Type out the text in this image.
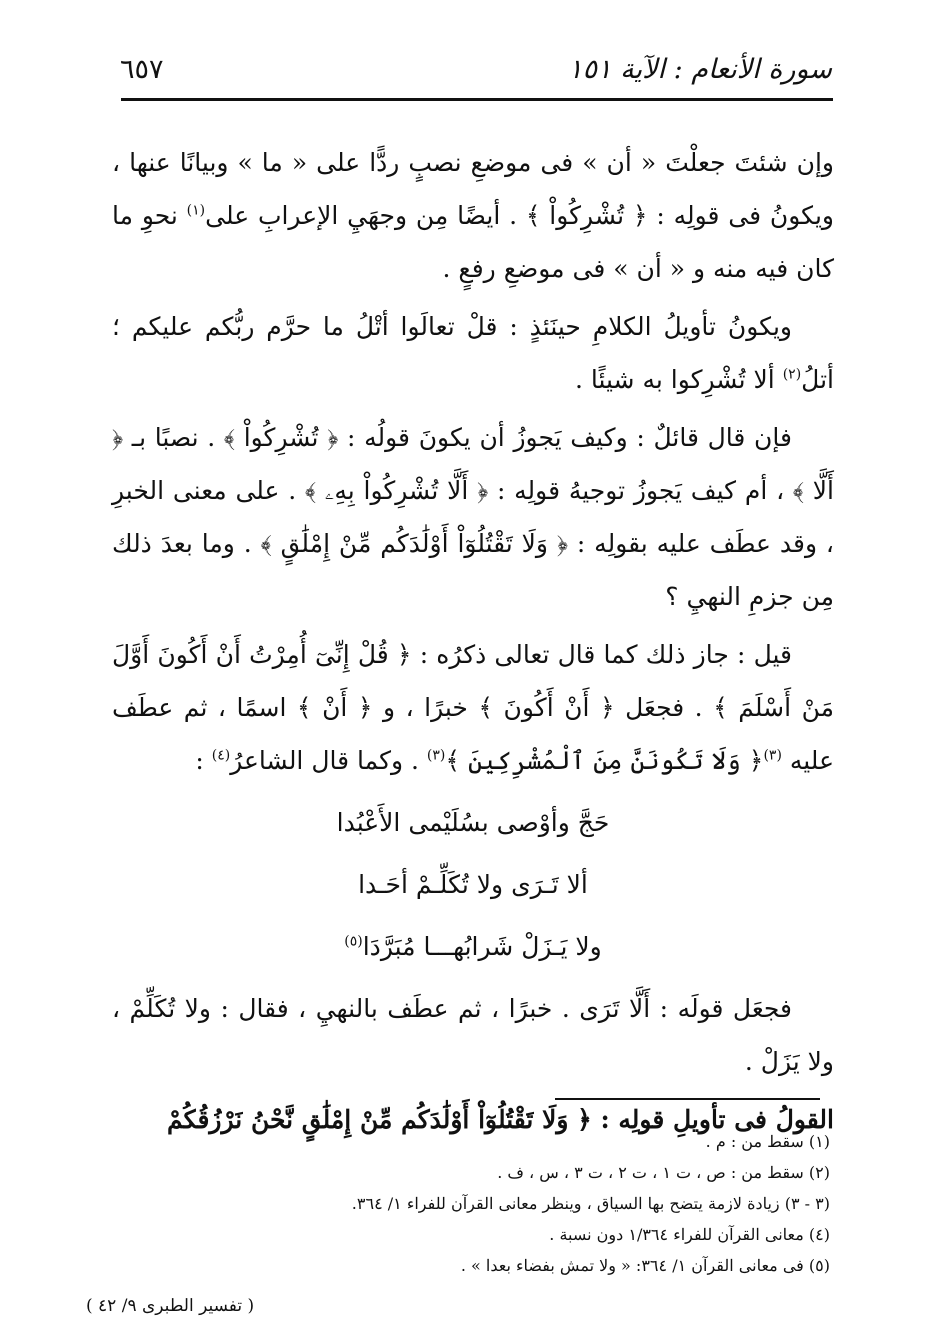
سورة الأنعام : الآية ١٥١
٦٥٧

وإن شئتَ جعلْتَ « أن » فى موضعِ نصبٍ ردًّا على « ما » وبيانًا عنها ، ويكونُ فى قولِه : ﴿ تُشْرِكُواْ ﴾ . أيضًا مِن وجهَيِ الإعرابِ على$^{(١)}$ نحوِ ما كان فيه منه و « أن » فى موضعِ رفعٍ .

ويكونُ تأويلُ الكلامِ حينَئذٍ : قلْ تعالَوا أتْلُ ما حرَّم ربُّكم عليكم ؛ أتلُ$^{(٢)}$ ألا تُشْرِكوا به شيئًا .

فإن قال قائلٌ : وكيف يَجوزُ أن يكونَ قولُه : ﴿ تُشْرِكُواْ ﴾ . نصبًا بـ ﴿ أَلَّا ﴾ ، أم كيف يَجوزُ توجيهُ قولِه : ﴿ أَلَّا تُشْرِكُواْ بِهِۦ ﴾ . على معنى الخبرِ ، وقد عطَف عليه بقولِه : ﴿ وَلَا تَقْتُلُوٓاْ أَوْلَٰدَكُم مِّنْ إِمْلَٰقٍ ﴾ . وما بعدَ ذلك مِن جزمِ النهيِ ؟

قيل : جاز ذلك كما قال تعالى ذكرُه : ﴿ قُلْ إِنِّىٓ أُمِرْتُ أَنْ أَكُونَ أَوَّلَ مَنْ أَسْلَمَ ﴾ . فجعَل ﴿ أَنْ أَكُونَ ﴾ خبرًا ، و ﴿ أَنْ ﴾ اسمًا ، ثم عطَف عليه $^{(٣)}$﴿ وَلَا تَكُونَنَّ مِنَ ٱلْمُشْرِكِينَ ﴾$^{(٣)}$ . وكما قال الشاعرُ$^{(٤)}$ :

حَجَّ وأوْصى بسُلَيْمى الأَعْبُدا
ألا تَـرَى ولا تُكَلِّـمْ أحَـدا
ولا يَـزَلْ شَرابُهـــا مُبَرَّدَا$^{(٥)}$

فجعَل قولَه : أَلَّا تَرَى . خبرًا ، ثم عطَف بالنهيِ ، فقال : ولا تُكَلِّمْ ، ولا يَزَلْ .

القولُ فى تأويلِ قولِه : ﴿ وَلَا تَقْتُلُوٓاْ أَوْلَٰدَكُم مِّنْ إِمْلَٰقٍ نَّحْنُ نَرْزُقُكُمْ

(١) سقط من : م .
(٢) سقط من : ص ، ت ١ ، ت ٢ ، ت ٣ ، س ، ف .
(٣ - ٣) زيادة لازمة يتضح بها السياق ، وينظر معانى القرآن للفراء ١/ ٣٦٤.
(٤) معانى القرآن للفراء ١/٣٦٤ دون نسبة .
(٥) فى معانى القرآن ١/ ٣٦٤: « ولا تمش بفضاء بعدا » .
( تفسير الطبرى ٩/ ٤٢ )
